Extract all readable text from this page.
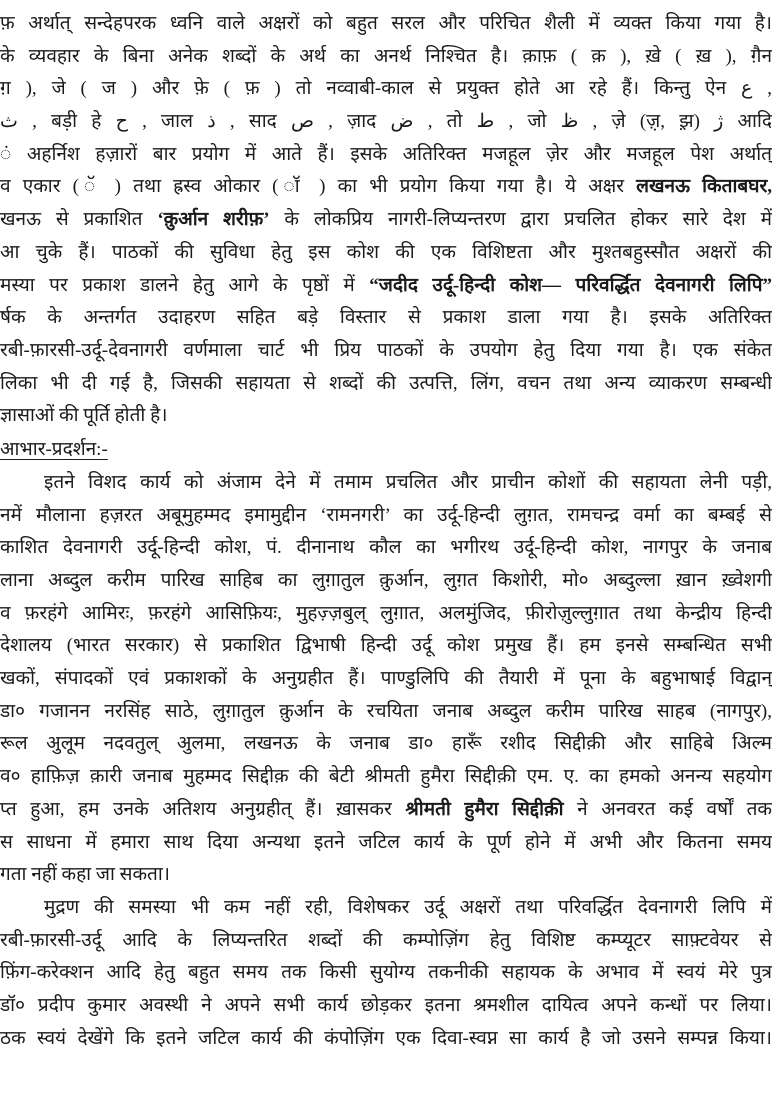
फ़ अर्थात् सन्देहपरक ध्वनि वाले अक्षरों को बहुत सरल और परिचित शैली में व्यक्त किया गया है।
के व्यवहार के बिना अनेक शब्दों के अर्थ का अनर्थ निश्चित है। क़ाफ़ ( क़ ), ख़े ( ख़ ), ग़ैन
ग़ ), जे ( ज ) और फ़े ( फ़ ) तो नव्वाबी-काल से प्रयुक्त होते आ रहे हैं। किन्तु ऐन ع ,
ث , बड़ी हे ح , जाल ذ , साद ص , ज़ाद ض , तो ط , जो ظ , ज़े (ज़़, झ़) ژ आदि
ं अहर्निश हज़ारों बार प्रयोग में आते हैं। इसके अतिरिक्त मजहूल ज़ेर और मजहूल पेश अर्थात्
व एकार ( ॅ ) तथा ह्रस्व ओकार ( ॉ ) का भी प्रयोग किया गया है। ये अक्षर लखनऊ किताबघर,
खनऊ से प्रकाशित ‘क़ुर्आन शरीफ़’ के लोकप्रिय नागरी-लिप्यन्तरण द्वारा प्रचलित होकर सारे देश में
आ चुके हैं। पाठकों की सुविधा हेतु इस कोश की एक विशिष्टता और मुश्तबहुस्सौत अक्षरों की
मस्या पर प्रकाश डालने हेतु आगे के पृष्ठों में “जदीद उर्दू-हिन्दी कोश— परिवर्द्धित देवनागरी लिपि”
र्षक के अन्तर्गत उदाहरण सहित बड़े विस्तार से प्रकाश डाला गया है। इसके अतिरिक्त
रबी-फ़ारसी-उर्दू-देवनागरी वर्णमाला चार्ट भी प्रिय पाठकों के उपयोग हेतु दिया गया है। एक संकेत
लिका भी दी गई है, जिसकी सहायता से शब्दों की उत्पत्ति, लिंग, वचन तथा अन्य व्याकरण सम्बन्धी
ज्ञासाओं की पूर्ति होती है।
आभार-प्रदर्शन:-
इतने विशद कार्य को अंजाम देने में तमाम प्रचलित और प्राचीन कोशों की सहायता लेनी पड़ी,
नमें मौलाना हज़रत अबूमुहम्मद इमामुद्दीन ‘रामनगरी’ का उर्दू-हिन्दी लुग़त, रामचन्द्र वर्मा का बम्बई से
काशित देवनागरी उर्दू-हिन्दी कोश, पं. दीनानाथ कौल का भगीरथ उर्दू-हिन्दी कोश, नागपुर के जनाब
लाना अब्दुल करीम पारिख साहिब का लुग़ातुल क़ुर्आन, लुग़त किशोरी, मो० अब्दुल्ला ख़ान ख़्वेशगी
व फ़रहंगे आमिरः, फ़रहंगे आसिफ़ियः, मुहज़्ज़बुल् लुग़ात, अलमुंजिद, फ़ीरोज़ुल्लुग़ात तथा केन्द्रीय हिन्दी
देशालय (भारत सरकार) से प्रकाशित द्विभाषी हिन्दी उर्दू कोश प्रमुख हैं। हम इनसे सम्बन्धित सभी
खकों, संपादकों एवं प्रकाशकों के अनुग्रहीत हैं। पाण्डुलिपि की तैयारी में पूना के बहुभाषाई विद्वान्
डा० गजानन नरसिंह साठे, लुग़ातुल क़ुर्आन के रचयिता जनाब अब्दुल करीम पारिख साहब (नागपुर),
रूल अुलूम नदवतुल् अुलमा, लखनऊ के जनाब डा० हारूँ रशीद सिद्दीक़ी और साहिबे अिल्म
व० हाफ़िज़ क़ारी जनाब मुहम्मद सिद्दीक़ की बेटी श्रीमती हुमैरा सिद्दीक़ी एम. ए. का हमको अनन्य सहयोग
प्त हुआ, हम उनके अतिशय अनुग्रहीत् हैं। ख़ासकर श्रीमती हुमैरा सिद्दीक़ी ने अनवरत कई वर्षों तक
स साधना में हमारा साथ दिया अन्यथा इतने जटिल कार्य के पूर्ण होने में अभी और कितना समय
गता नहीं कहा जा सकता।
मुद्रण की समस्या भी कम नहीं रही, विशेषकर उर्दू अक्षरों तथा परिवर्द्धित देवनागरी लिपि में
रबी-फ़ारसी-उर्दू आदि के लिप्यन्तरित शब्दों की कम्पोज़िंग हेतु विशिष्ट कम्प्यूटर साफ़्टवेयर से
फ़िंग-करेक्शन आदि हेतु बहुत समय तक किसी सुयोग्य तकनीकी सहायक के अभाव में स्वयं मेरे पुत्र
डॉ० प्रदीप कुमार अवस्थी ने अपने सभी कार्य छोड़कर इतना श्रमशील दायित्व अपने कन्धों पर लिया।
ठक स्वयं देखेंगे कि इतने जटिल कार्य की कंपोज़िंग एक दिवा-स्वप्न सा कार्य है जो उसने सम्पन्न किया।
